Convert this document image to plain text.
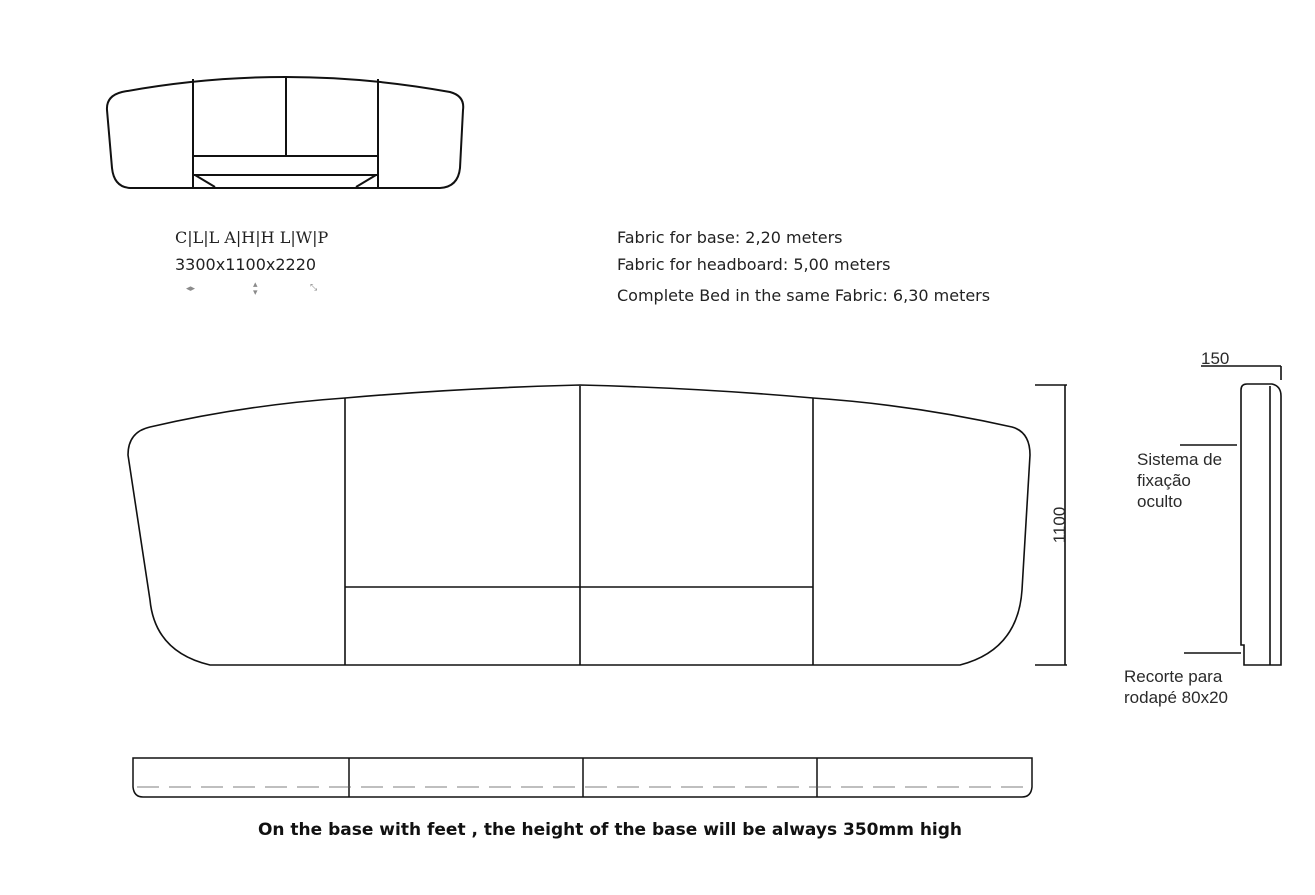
C|L|L A|H|H L|W|P
3300x1100x2220
◂▸	▴
▾	⤡
Fabric for base: 2,20 meters
Fabric for headboard: 5,00 meters
Complete Bed in the same Fabric: 6,30 meters
1100
150
Sistema de
fixação
oculto
Recorte para
rodapé 80x20
On the base with feet , the height of the base will be always 350mm high
